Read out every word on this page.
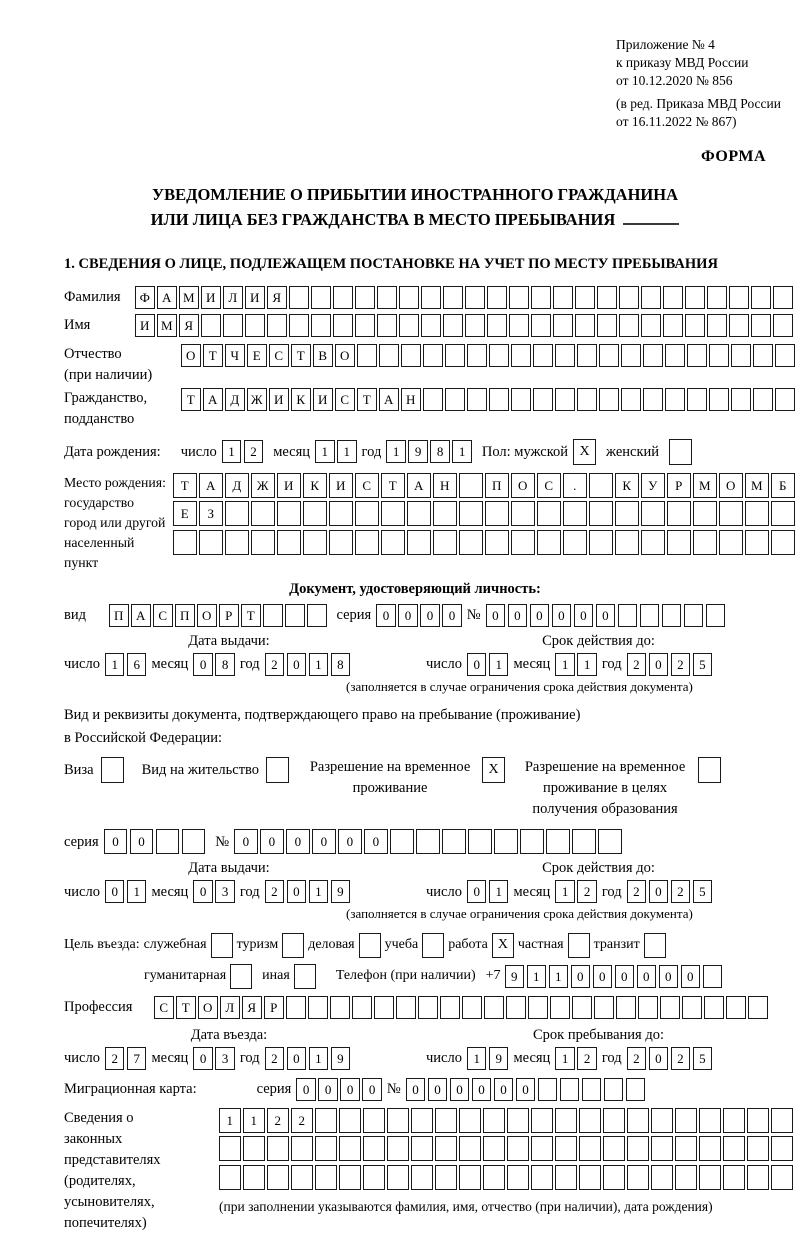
Приложение № 4
к приказу МВД России
от 10.12.2020 № 856
(в ред. Приказа МВД России
от 16.11.2022 № 867)
ФОРМА
УВЕДОМЛЕНИЕ О ПРИБЫТИИ ИНОСТРАННОГО ГРАЖДАНИНА
ИЛИ ЛИЦА БЕЗ ГРАЖДАНСТВА В МЕСТО ПРЕБЫВАНИЯ
1. СВЕДЕНИЯ О ЛИЦЕ, ПОДЛЕЖАЩЕМ ПОСТАНОВКЕ НА УЧЕТ ПО МЕСТУ ПРЕБЫВАНИЯ
Фамилия	Ф А М И Л И Я
Имя	И М Я
Отчество
(при наличии)
О	Т	Ч	Е	С	Т	В О
Гражданство,
подданство
Т	А Д Ж И К И С	Т	А Н
Дата рождения: число 1	2	месяц 1	1 год 1	9	8	1	Пол: мужской X	женский
Место рождения:
государство
город или другой
населенный пункт
Т	А	Д	Ж	И	К	И	С	Т	А	Н	П	О	С	.	К	У	Р	М	О	М	Б
Е	З
Документ, удостоверяющий личность:
вид	П А С П О	Р	Т	серия 0	0	0	0 № 0	0	0	0	0	0
Дата выдачи:
число 1	6 месяц 0	8 год 2	0	1	8
Срок действия до:
число 0	1 месяц 1	1 год 2	0	2	5
(заполняется в случае ограничения срока действия документа)
Вид и реквизиты документа, подтверждающего право на пребывание (проживание)
в Российской Федерации:
Виза	Вид на жительство	Разрешение на временное проживание
X	Разрешение на временное проживание в целях получения образования
серия	0	0	№	0	0	0	0	0	0
Дата выдачи:
число 0	1 месяц 0	3 год 2	0	1	9
Срок действия до:
число 0	1 месяц 1	2 год 2	0	2	5
(заполняется в случае ограничения срока действия документа)
Цель въезда: служебная туризм деловая учеба работа X частная транзит
гуманитарная	иная	Телефон (при наличии) +7 9	1	1	0	0	0	0	0	0
Профессия	С	Т	О Л	Я	Р
Дата въезда:
число 2	7 месяц 0	3 год 2	0	1	9
Срок пребывания до:
число 1	9 месяц 1	2 год 2	0	2	5
Миграционная карта:	серия 0	0	0	0 № 0	0	0	0	0	0
Сведения о
законных
представителях
(родителях,
усыновителях,
попечителях)
1	1	2	2
(при заполнении указываются фамилия, имя, отчество (при наличии), дата рождения)
